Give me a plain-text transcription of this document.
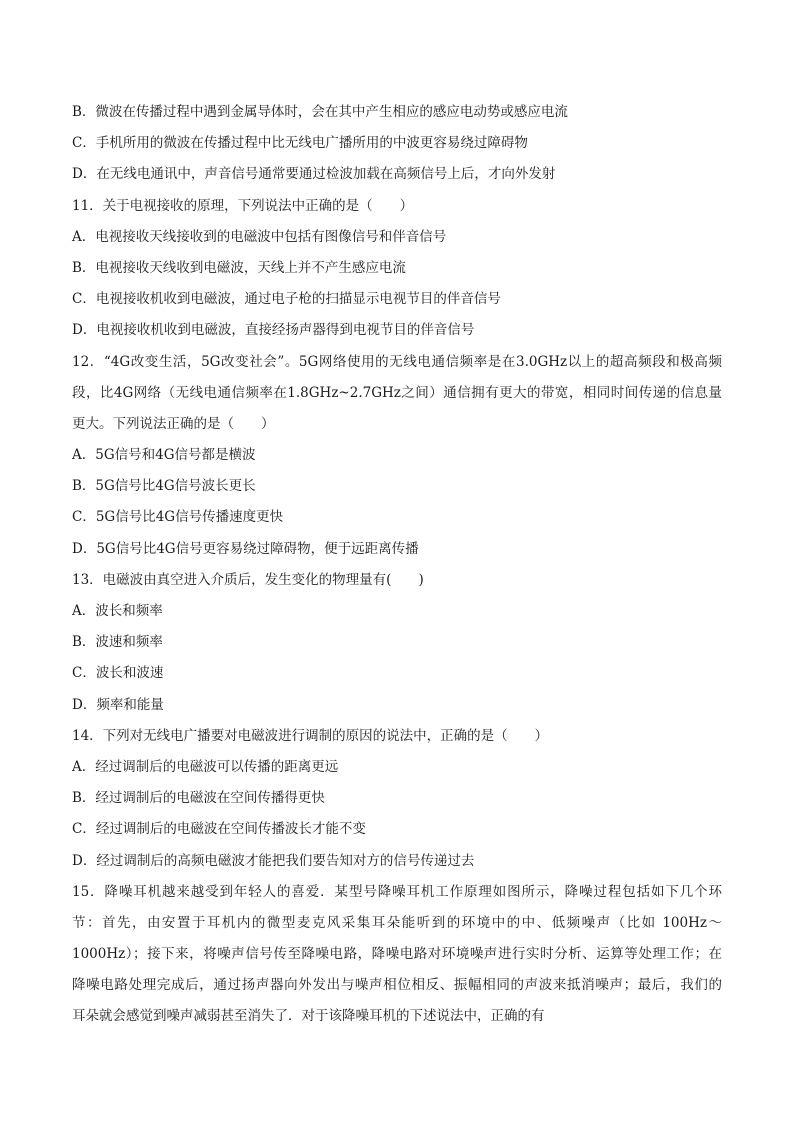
B．微波在传播过程中遇到金属导体时，会在其中产生相应的感应电动势或感应电流
C．手机所用的微波在传播过程中比无线电广播所用的中波更容易绕过障碍物
D．在无线电通讯中，声音信号通常要通过检波加载在高频信号上后，才向外发射
11．关于电视接收的原理，下列说法中正确的是（　　）
A．电视接收天线接收到的电磁波中包括有图像信号和伴音信号
B．电视接收天线收到电磁波，天线上并不产生感应电流
C．电视接收机收到电磁波，通过电子枪的扫描显示电视节目的伴音信号
D．电视接收机收到电磁波，直接经扬声器得到电视节目的伴音信号
12．“4G改变生活，5G改变社会”。5G网络使用的无线电通信频率是在3.0GHz以上的超高频段和极高频
段，比4G网络（无线电通信频率在1.8GHz~2.7GHz之间）通信拥有更大的带宽，相同时间传递的信息量
更大。下列说法正确的是（　　）
A．5G信号和4G信号都是横波
B．5G信号比4G信号波长更长
C．5G信号比4G信号传播速度更快
D．5G信号比4G信号更容易绕过障碍物，便于远距离传播
13．电磁波由真空进入介质后，发生变化的物理量有(　　)
A．波长和频率
B．波速和频率
C．波长和波速
D．频率和能量
14．下列对无线电广播要对电磁波进行调制的原因的说法中，正确的是（　　）
A．经过调制后的电磁波可以传播的距离更远
B．经过调制后的电磁波在空间传播得更快
C．经过调制后的电磁波在空间传播波长才能不变
D．经过调制后的高频电磁波才能把我们要告知对方的信号传递过去
15．降噪耳机越来越受到年轻人的喜爱．某型号降噪耳机工作原理如图所示，降噪过程包括如下几个环
节：首先，由安置于耳机内的微型麦克风采集耳朵能听到的环境中的中、低频噪声（比如 100Hz～
1000Hz）；接下来，将噪声信号传至降噪电路，降噪电路对环境噪声进行实时分析、运算等处理工作；在
降噪电路处理完成后，通过扬声器向外发出与噪声相位相反、振幅相同的声波来抵消噪声；最后，我们的
耳朵就会感觉到噪声减弱甚至消失了．对于该降噪耳机的下述说法中，正确的有
